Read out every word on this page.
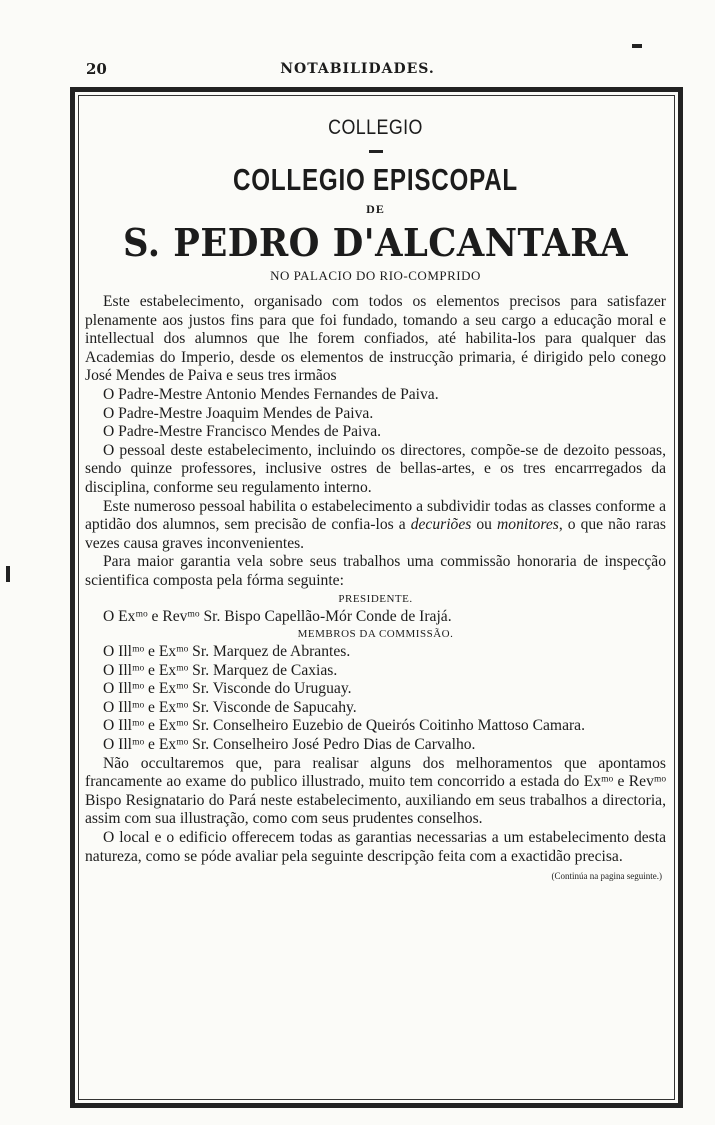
20	NOTABILIDADES.
COLLEGIO
COLLEGIO EPISCOPAL
DE
S. PEDRO D'ALCANTARA
NO PALACIO DO RIO-COMPRIDO

Este estabelecimento, organisado com todos os elementos precisos para satisfazer plenamente aos justos fins para que foi fundado, tomando a seu cargo a educação moral e intellectual dos alumnos que lhe forem confiados, até habilita-los para qualquer das Academias do Imperio, desde os elementos de instrucção primaria, é dirigido pelo conego José Mendes de Paiva e seus tres irmãos

O Padre-Mestre Antonio Mendes Fernandes de Paiva.

O Padre-Mestre Joaquim Mendes de Paiva.

O Padre-Mestre Francisco Mendes de Paiva.

O pessoal deste estabelecimento, incluindo os directores, compõe-se de dezoito pessoas, sendo quinze professores, inclusive ostres de bellas-artes, e os tres encarrregados da disciplina, conforme seu regulamento interno.

Este numeroso pessoal habilita o estabelecimento a subdividir todas as classes conforme a aptidão dos alumnos, sem precisão de confia-los a decuriões ou monitores, o que não raras vezes causa graves inconvenientes.

Para maior garantia vela sobre seus trabalhos uma commissão honoraria de inspecção scientifica composta pela fórma seguinte:

PRESIDENTE.

O Exᵐᵒ e Revᵐᵒ Sr. Bispo Capellão-Mór Conde de Irajá.

MEMBROS DA COMMISSÃO.

O Illᵐᵒ e Exᵐᵒ Sr. Marquez de Abrantes.

O Illᵐᵒ e Exᵐᵒ Sr. Marquez de Caxias.

O Illᵐᵒ e Exᵐᵒ Sr. Visconde do Uruguay.

O Illᵐᵒ e Exᵐᵒ Sr. Visconde de Sapucahy.

O Illᵐᵒ e Exᵐᵒ Sr. Conselheiro Euzebio de Queirós Coitinho Mattoso Camara.

O Illᵐᵒ e Exᵐᵒ Sr. Conselheiro José Pedro Dias de Carvalho.

Não occultaremos que, para realisar alguns dos melhoramentos que apontamos francamente ao exame do publico illustrado, muito tem concorrido a estada do Exᵐᵒ e Revᵐᵒ Bispo Resignatario do Pará neste estabelecimento, auxiliando em seus trabalhos a directoria, assim com sua illustração, como com seus prudentes conselhos.

O local e o edificio offerecem todas as garantias necessarias a um estabelecimento desta natureza, como se póde avaliar pela seguinte descripção feita com a exactidão precisa.

(Continúa na pagina seguinte.)
